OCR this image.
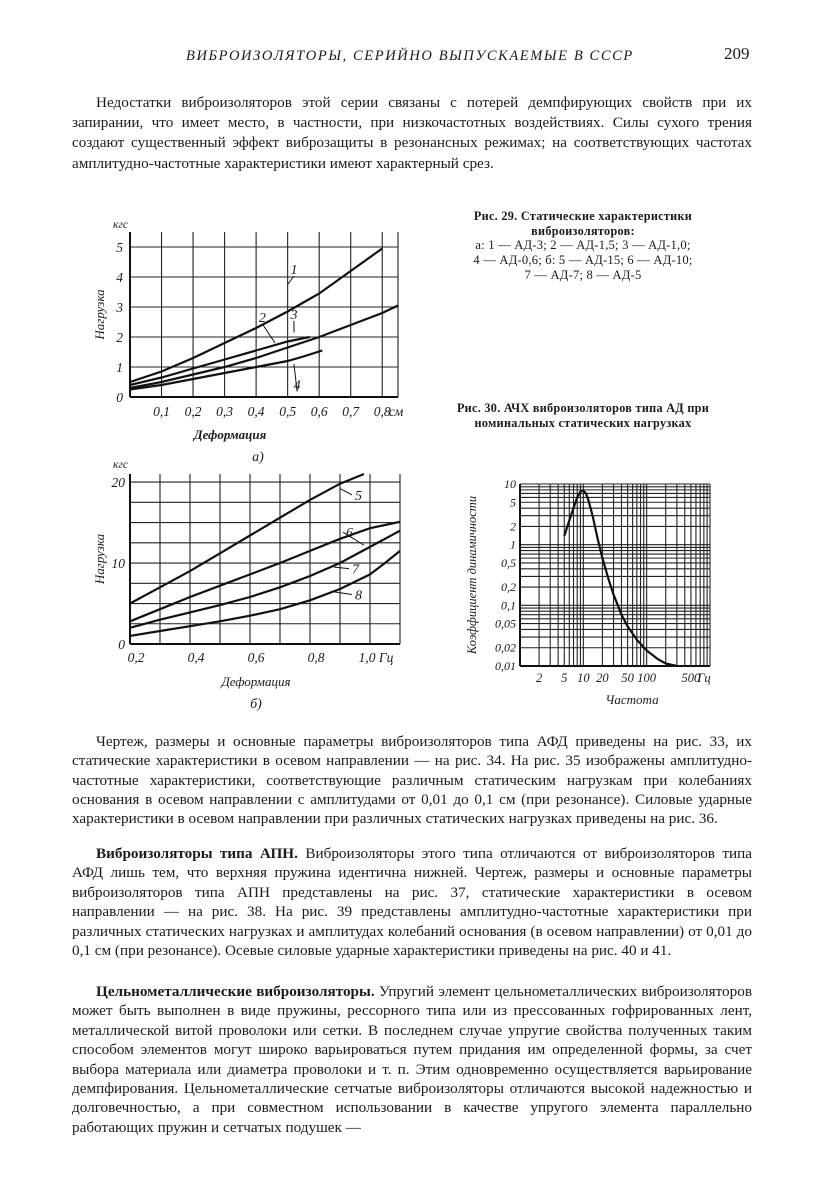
ВИБРОИЗОЛЯТОРЫ, СЕРИЙНО ВЫПУСКАЕМЫЕ В СССР	209

Недостатки виброизоляторов этой серии связаны с потерей демпфирующих свойств при их запирании, что имеет место, в частности, при низкочастотных воздействиях. Силы сухого трения создают существенный эффект виброзащиты в резонансных режимах; на соответствующих частотах амплитудно-частотные характеристики имеют характерный срез.

0,1 0,2 0,3 0,4 0,5 0,6 0,7 0,8
0
1
2
3
4
5
кгс
см
Нагрузка
Деформация
а)
1
2 3
4
0,2	0,4	0,6	0,8	1,0 Гц
0
10
20
кгс
Нагрузка
Деформация
б)
5
6
7
8
2 5 10 20 50 100 500
Гц
10
5
2
1
0,5
0,2
0,1
0,05
0,02
0,01
Коэффициент динамичности
Частота
Рис. 29. Статические характеристики виброизоляторов:
а: 1 — АД-3; 2 — АД-1,5; 3 — АД-1,0;
4 — АД-0,6; б: 5 — АД-15; 6 — АД-10;
7 — АД-7; 8 — АД-5
Рис. 30. АЧХ виброизоляторов типа АД при номинальных статических нагрузках

Чертеж, размеры и основные параметры виброизоляторов типа АФД приведены на рис. 33, их статические характеристики в осевом направлении — на рис. 34. На рис. 35 изображены амплитудно-частотные характеристики, соответствующие различным статическим нагрузкам при колебаниях основания в осевом направлении с амплитудами от 0,01 до 0,1 см (при резонансе). Силовые ударные характеристики в осевом направлении при различных статических нагрузках приведены на рис. 36.

Виброизоляторы типа АПН. Виброизоляторы этого типа отличаются от виброизоляторов типа АФД лишь тем, что верхняя пружина идентична нижней. Чертеж, размеры и основные параметры виброизоляторов типа АПН представлены на рис. 37, статические характеристики в осевом направлении — на рис. 38. На рис. 39 представлены амплитудно-частотные характеристики при различных статических нагрузках и амплитудах колебаний основания (в осевом направлении) от 0,01 до 0,1 см (при резонансе). Осевые силовые ударные характеристики приведены на рис. 40 и 41.

Цельнометаллические виброизоляторы. Упругий элемент цельнометаллических виброизоляторов может быть выполнен в виде пружины, рессорного типа или из прессованных гофрированных лент, металлической витой проволоки или сетки. В последнем случае упругие свойства полученных таким способом элементов могут широко варьироваться путем придания им определенной формы, за счет выбора материала или диаметра проволоки и т. п. Этим одновременно осуществляется варьирование демпфирования. Цельнометаллические сетчатые виброизоляторы отличаются высокой надежностью и долговечностью, а при совместном использовании в качестве упругого элемента параллельно работающих пружин и сетчатых подушек —
